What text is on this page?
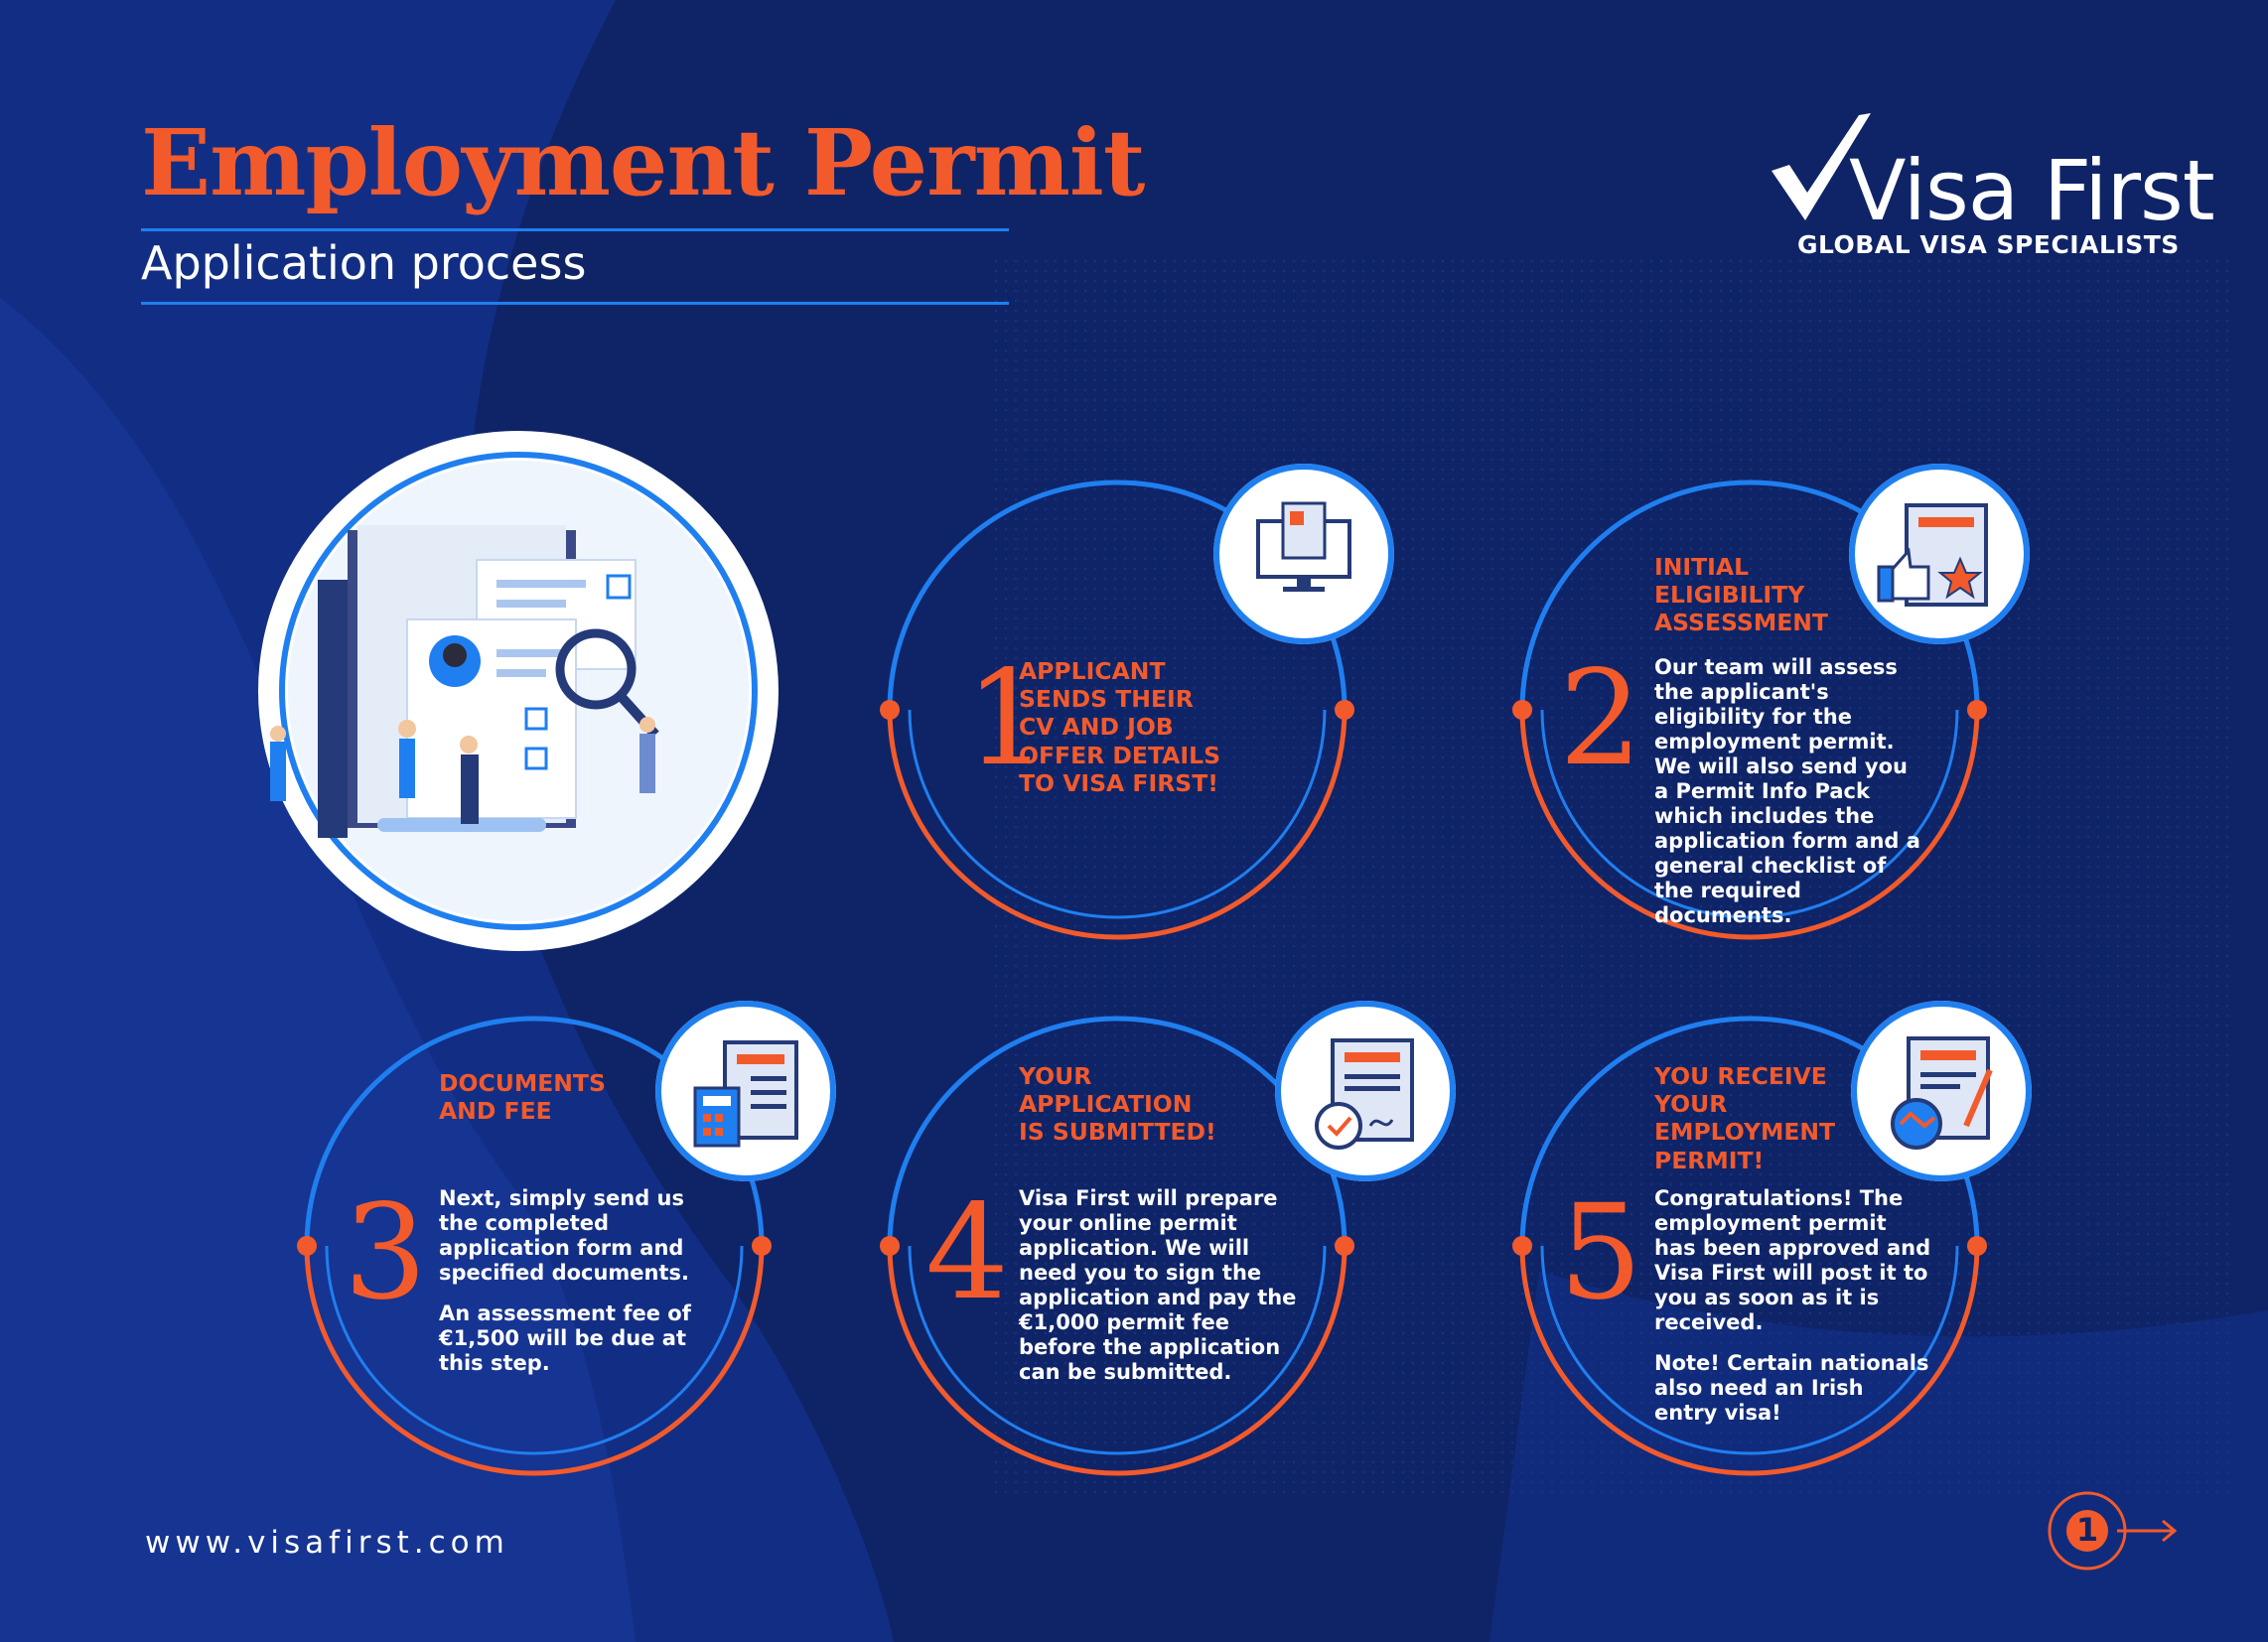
Employment Permit
Application process
Visa First
GLOBAL VISA SPECIALISTS
1
APPLICANT SENDS THEIR CV AND JOB OFFER DETAILS TO VISA FIRST!	2
INITIAL ELIGIBILITY ASSESSMENT
Our team will assess the applicant's eligibility for the employment permit. We will also send you a Permit Info Pack which includes the application form and a general checklist of the required documents.
3
DOCUMENTS AND FEE

Next, simply send us the completed application form and specified documents.

An assessment fee of €1,500 will be due at this step.

4
YOUR APPLICATION IS SUBMITTED!
Visa First will prepare your online permit application. We will need you to sign the application and pay the €1,000 permit fee before the application can be submitted.
5
YOU RECEIVE YOUR EMPLOYMENT PERMIT!

Congratulations! The employment permit has been approved and Visa First will post it to you as soon as it is received.

Note! Certain nationals also need an Irish entry visa!

www.visafirst.com	1
